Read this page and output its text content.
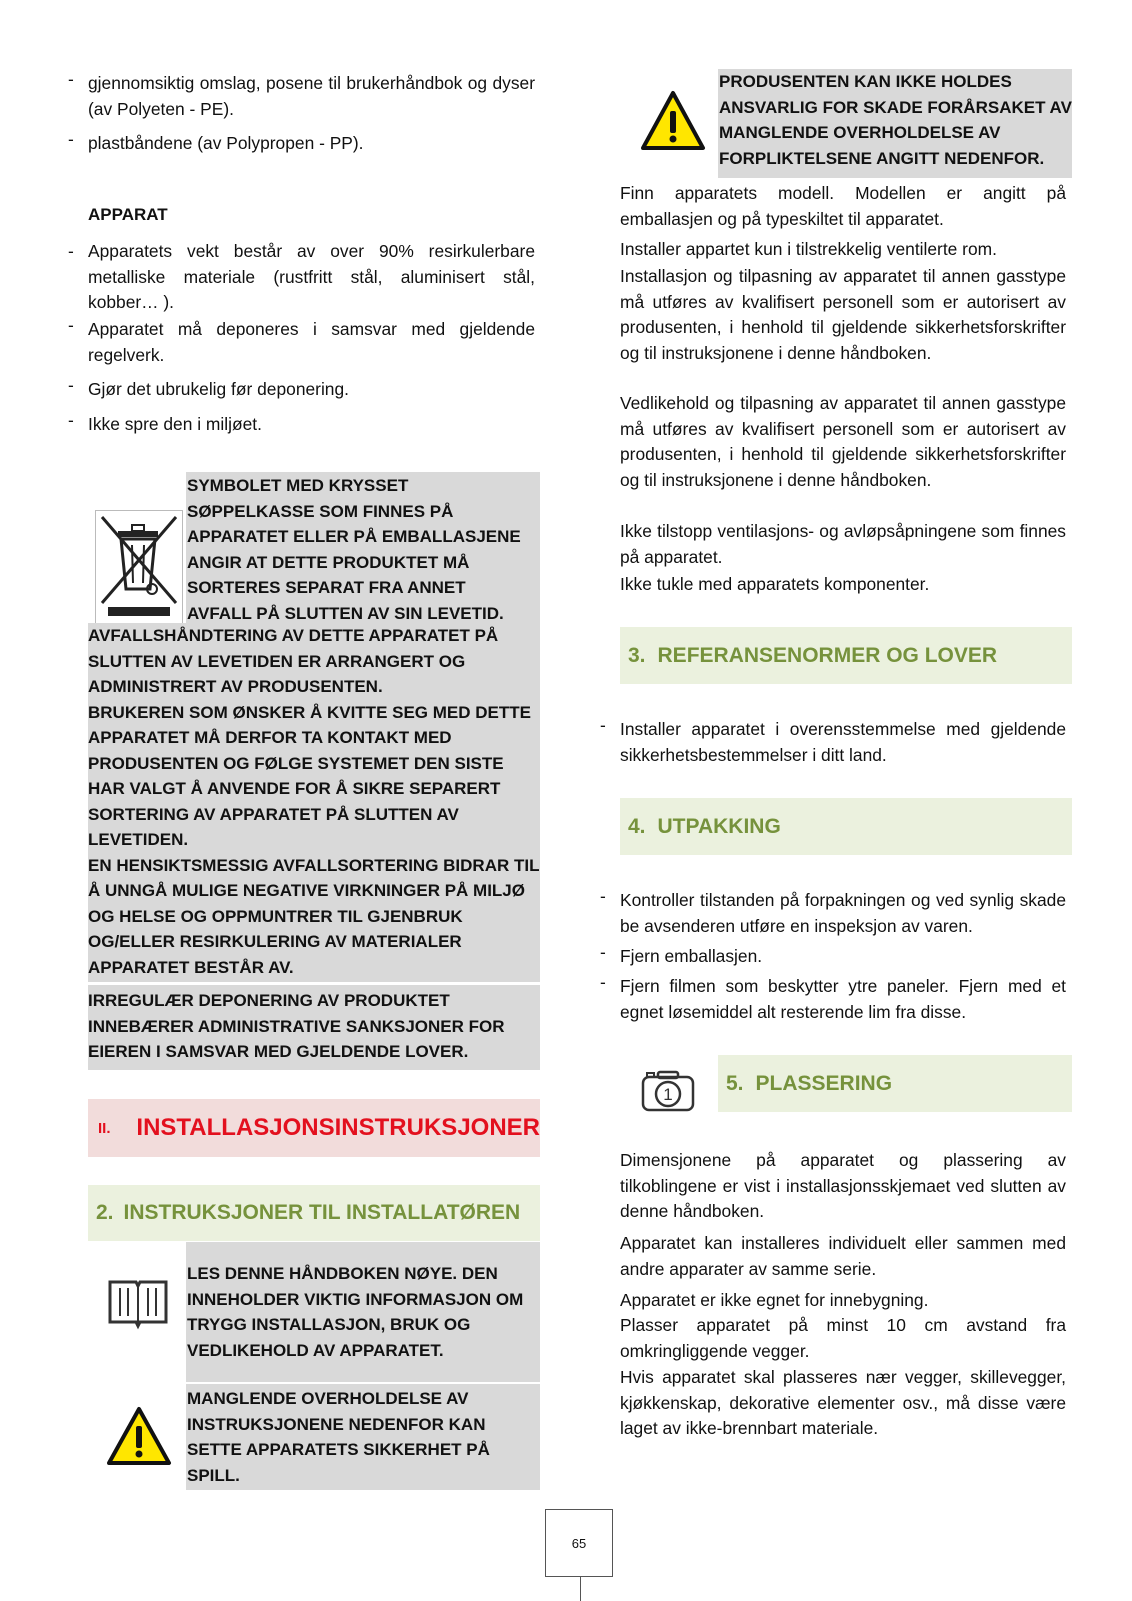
- gjennomsiktig omslag, posene til brukerhåndbok og dyser (av Polyeten - PE).
- plastbåndene (av Polypropen - PP).
APPARAT
- Apparatets vekt består av over 90% resirkulerbare metalliske materiale (rustfritt stål, aluminisert stål, kobber… ).
- Apparatet må deponeres i samsvar med gjeldende regelverk.
- Gjør det ubrukelig før deponering.
- Ikke spre den i miljøet.
SYMBOLET MED KRYSSET SØPPELKASSE SOM FINNES PÅ APPARATET ELLER PÅ EMBALLASJENE ANGIR AT DETTE PRODUKTET MÅ SORTERES SEPARAT FRA ANNET AVFALL PÅ SLUTTEN AV SIN LEVETID.
AVFALLSHÅNDTERING AV DETTE APPARATET PÅ SLUTTEN AV LEVETIDEN ER ARRANGERT OG ADMINISTRERT AV PRODUSENTEN.
BRUKEREN SOM ØNSKER Å KVITTE SEG MED DETTE APPARATET MÅ DERFOR TA KONTAKT MED PRODUSENTEN OG FØLGE SYSTEMET DEN SISTE HAR VALGT Å ANVENDE FOR Å SIKRE SEPARERT SORTERING AV APPARATET PÅ SLUTTEN AV LEVETIDEN.
EN HENSIKTSMESSIG AVFALLSORTERING BIDRAR TIL Å UNNGÅ MULIGE NEGATIVE VIRKNINGER PÅ MILJØ OG HELSE OG OPPMUNTRER TIL GJENBRUK OG/ELLER RESIRKULERING AV MATERIALER APPARATET BESTÅR AV.
IRREGULÆR DEPONERING AV PRODUKTET INNEBÆRER ADMINISTRATIVE SANKSJONER FOR EIEREN I SAMSVAR MED GJELDENDE LOVER.
II.	INSTALLASJONSINSTRUKSJONER
2. INSTRUKSJONER TIL INSTALLATØREN
LES DENNE HÅNDBOKEN NØYE. DEN INNEHOLDER VIKTIG INFORMASJON OM TRYGG INSTALLASJON, BRUK OG VEDLIKEHOLD AV APPARATET.
MANGLENDE OVERHOLDELSE AV INSTRUKSJONENE NEDENFOR KAN SETTE APPARATETS SIKKERHET PÅ SPILL.
PRODUSENTEN KAN IKKE HOLDES ANSVARLIG FOR SKADE FORÅRSAKET AV MANGLENDE OVERHOLDELSE AV FORPLIKTELSENE ANGITT NEDENFOR.
Finn apparatets modell. Modellen er angitt på emballasjen og på typeskiltet til apparatet.
Installer appartet kun i tilstrekkelig ventilerte rom.
Installasjon og tilpasning av apparatet til annen gasstype må utføres av kvalifisert personell som er autorisert av produsenten, i henhold til gjeldende sikkerhetsforskrifter og til instruksjonene i denne håndboken.
Vedlikehold og tilpasning av apparatet til annen gasstype må utføres av kvalifisert personell som er autorisert av produsenten, i henhold til gjeldende sikkerhetsforskrifter og til instruksjonene i denne håndboken.
Ikke tilstopp ventilasjons- og avløpsåpningene som finnes på apparatet.
Ikke tukle med apparatets komponenter.
3. REFERANSENORMER OG LOVER
- Installer apparatet i overensstemmelse med gjeldende sikkerhetsbestemmelser i ditt land.
4. UTPAKKING
- Kontroller tilstanden på forpakningen og ved synlig skade be avsenderen utføre en inspeksjon av varen.
- Fjern emballasjen.
- Fjern filmen som beskytter ytre paneler. Fjern med et egnet løsemiddel alt resterende lim fra disse.
1	5. PLASSERING
Dimensjonene på apparatet og plassering av tilkoblingene er vist i installasjonsskjemaet ved slutten av denne håndboken.
Apparatet kan installeres individuelt eller sammen med andre apparater av samme serie.
Apparatet er ikke egnet for innebygning.
Plasser apparatet på minst 10 cm avstand fra omkringliggende vegger.
Hvis apparatet skal plasseres nær vegger, skillevegger, kjøkkenskap, dekorative elementer osv., må disse være laget av ikke-brennbart materiale.
65
